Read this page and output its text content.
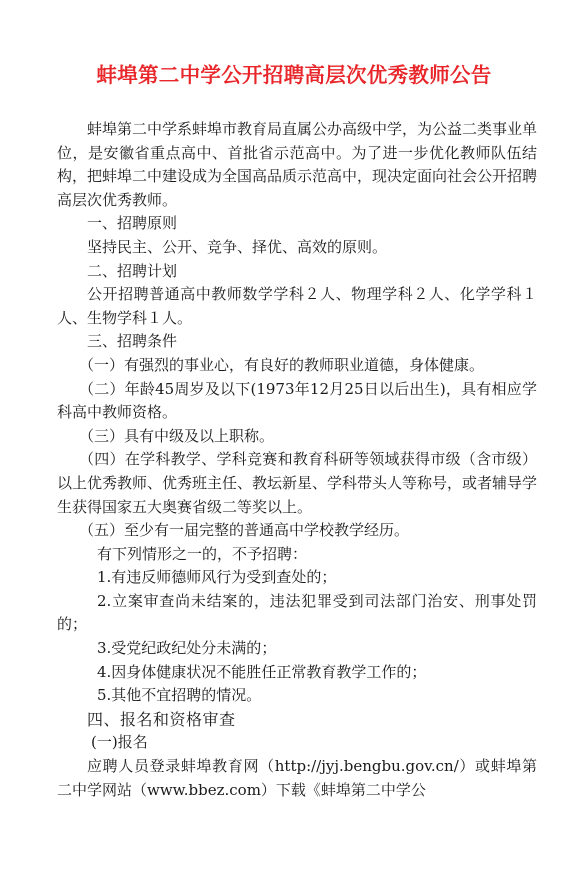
蚌埠第二中学公开招聘高层次优秀教师公告

蚌埠第二中学系蚌埠市教育局直属公办高级中学，为公益二类事业单位，是安徽省重点高中、首批省示范高中。为了进一步优化教师队伍结构，把蚌埠二中建设成为全国高品质示范高中，现决定面向社会公开招聘高层次优秀教师。

一、招聘原则

坚持民主、公开、竞争、择优、高效的原则。

二、招聘计划

公开招聘普通高中教师数学学科２人、物理学科２人、化学学科１人、生物学科１人。

三、招聘条件

（一）有强烈的事业心，有良好的教师职业道德，身体健康。

（二）年龄45周岁及以下(1973年12月25日以后出生)，具有相应学科高中教师资格。

（三）具有中级及以上职称。

（四）在学科教学、学科竞赛和教育科研等领域获得市级（含市级）以上优秀教师、优秀班主任、教坛新星、学科带头人等称号，或者辅导学生获得国家五大奥赛省级二等奖以上。

（五）至少有一届完整的普通高中学校教学经历。

有下列情形之一的，不予招聘：

1.有违反师德师风行为受到查处的；

2.立案审查尚未结案的，违法犯罪受到司法部门治安、刑事处罚的；

3.受党纪政纪处分未满的；

4.因身体健康状况不能胜任正常教育教学工作的；

5.其他不宜招聘的情况。

四、报名和资格审查

(一)报名

应聘人员登录蚌埠教育网（http://jyj.bengbu.gov.cn/）或蚌埠第二中学网站（www.bbez.com）下载《蚌埠第二中学公
